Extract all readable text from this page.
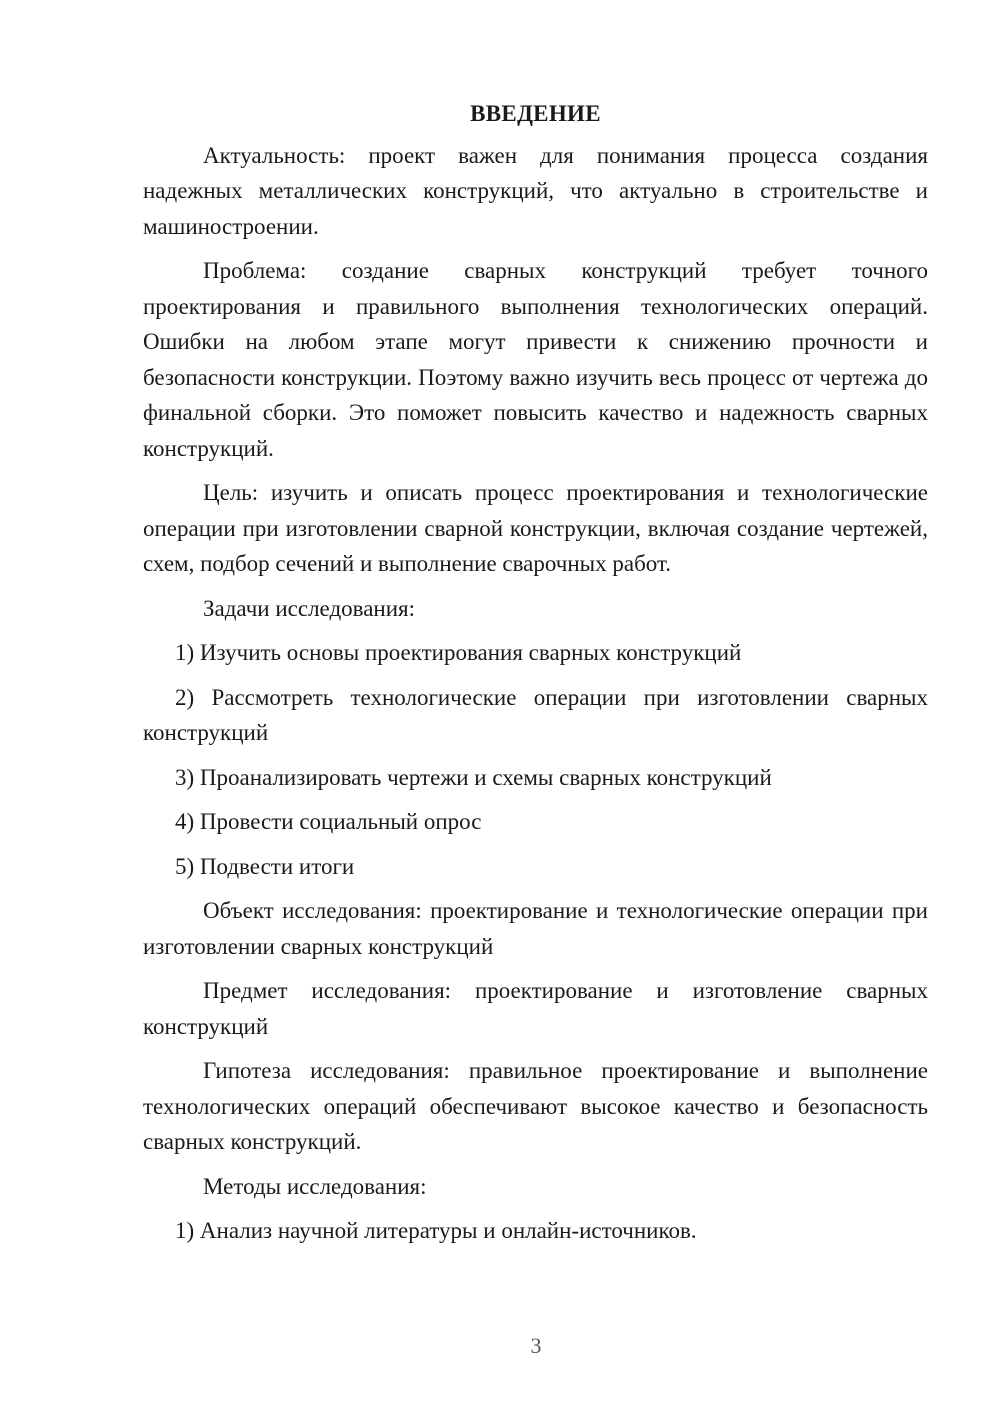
ВВЕДЕНИЕ

Актуальность: проект важен для понимания процесса создания надежных металлических конструкций, что актуально в строительстве и машиностроении.

Проблема: создание сварных конструкций требует точного проектирования и правильного выполнения технологических операций. Ошибки на любом этапе могут привести к снижению прочности и безопасности конструкции. Поэтому важно изучить весь процесс от чертежа до финальной сборки. Это поможет повысить качество и надежность сварных конструкций.

Цель: изучить и описать процесс проектирования и технологические операции при изготовлении сварной конструкции, включая создание чертежей, схем, подбор сечений и выполнение сварочных работ.

Задачи исследования:

1) Изучить основы проектирования сварных конструкций

2) Рассмотреть технологические операции при изготовлении сварных конструкций

3) Проанализировать чертежи и схемы сварных конструкций

4) Провести социальный опрос

5) Подвести итоги

Объект исследования: проектирование и технологические операции при изготовлении сварных конструкций

Предмет исследования: проектирование и изготовление сварных конструкций

Гипотеза исследования: правильное проектирование и выполнение технологических операций обеспечивают высокое качество и безопасность сварных конструкций.

Методы исследования:

1) Анализ научной литературы и онлайн-источников.

3
